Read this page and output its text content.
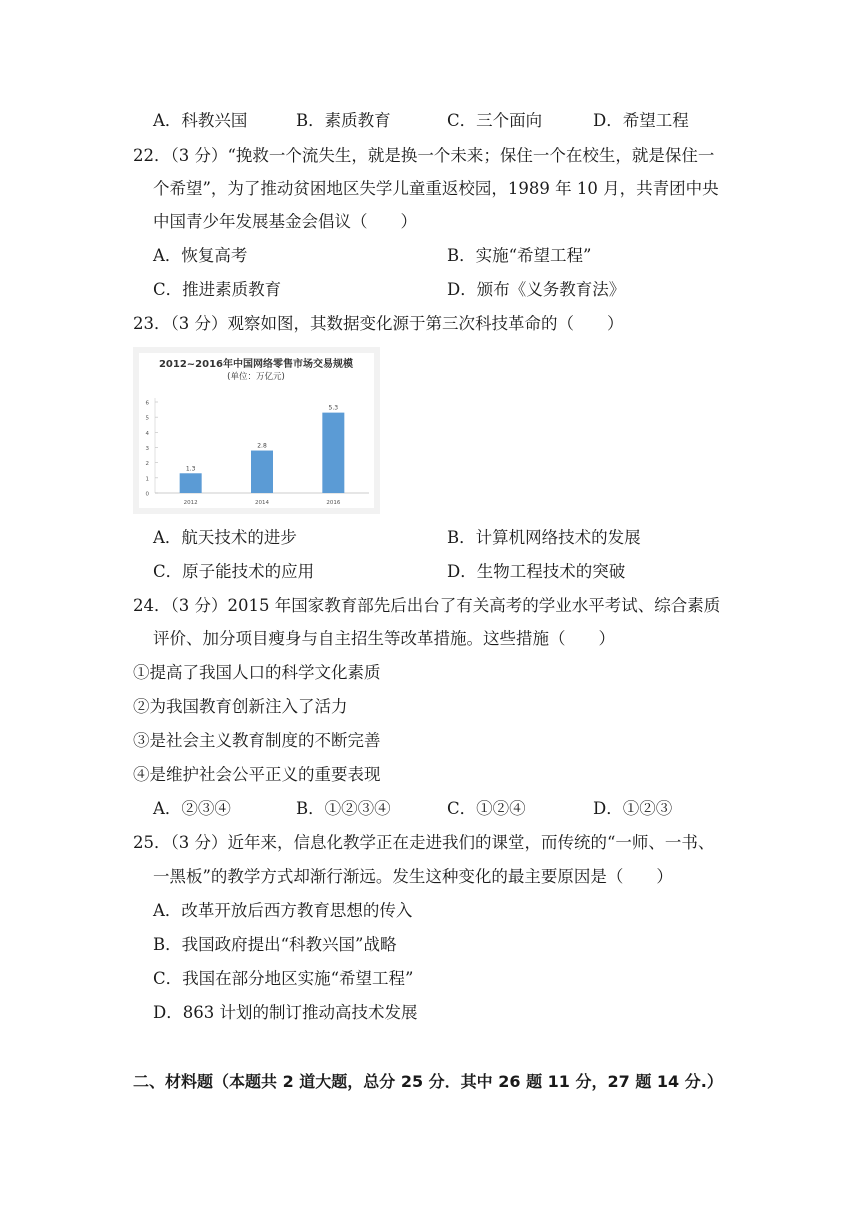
A．科教兴国	B．素质教育	C．三个面向	D．希望工程
22．（3 分）“挽救一个流失生，就是换一个未来；保住一个在校生，就是保住一
个希望”，为了推动贫困地区失学儿童重返校园，1989 年 10 月，共青团中央
中国青少年发展基金会倡议（　　）
A．恢复高考	B．实施“希望工程”
C．推进素质教育	D．颁布《义务教育法》
23．（3 分）观察如图，其数据变化源于第三次科技革命的（　　）
2012~2016年中国网络零售市场交易规模
(单位：万亿元)
0
1
2
3
4
5
6
1.3
2012
2.8
2014
5.3
2016
A．航天技术的进步	B．计算机网络技术的发展
C．原子能技术的应用	D．生物工程技术的突破
24．（3 分）2015 年国家教育部先后出台了有关高考的学业水平考试、综合素质
评价、加分项目瘦身与自主招生等改革措施。这些措施（　　）
①提高了我国人口的科学文化素质
②为我国教育创新注入了活力
③是社会主义教育制度的不断完善
④是维护社会公平正义的重要表现
A．②③④	B．①②③④	C．①②④	D．①②③
25．（3 分）近年来，信息化教学正在走进我们的课堂，而传统的“一师、一书、
一黑板”的教学方式却渐行渐远。发生这种变化的最主要原因是（　　）
A．改革开放后西方教育思想的传入
B．我国政府提出“科教兴国”战略
C．我国在部分地区实施“希望工程”
D．863 计划的制订推动高技术发展
二、材料题（本题共 2 道大题，总分 25 分．其中 26 题 11 分，27 题 14 分.）
